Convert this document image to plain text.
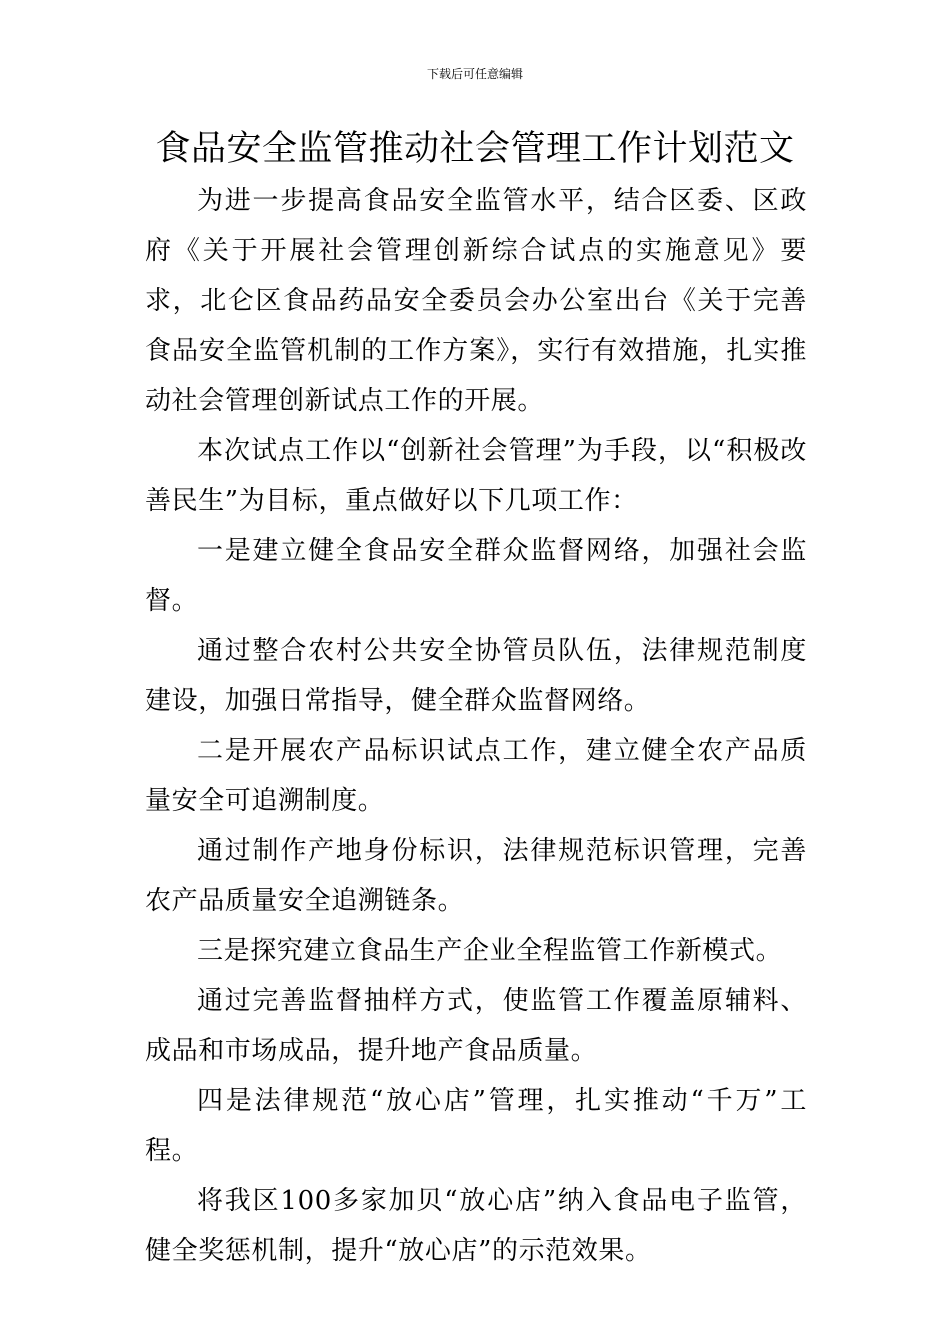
下载后可任意编辑
食品安全监管推动社会管理工作计划范文

为进一步提高食品安全监管水平，结合区委、区政府《关于开展社会管理创新综合试点的实施意见》要求，北仑区食品药品安全委员会办公室出台《关于完善食品安全监管机制的工作方案》，实行有效措施，扎实推动社会管理创新试点工作的开展。

本次试点工作以“创新社会管理”为手段，以“积极改善民生”为目标，重点做好以下几项工作：

一是建立健全食品安全群众监督网络，加强社会监督。

通过整合农村公共安全协管员队伍，法律规范制度建设，加强日常指导，健全群众监督网络。

二是开展农产品标识试点工作，建立健全农产品质量安全可追溯制度。

通过制作产地身份标识，法律规范标识管理，完善农产品质量安全追溯链条。

三是探究建立食品生产企业全程监管工作新模式。

通过完善监督抽样方式，使监管工作覆盖原辅料、成品和市场成品，提升地产食品质量。

四是法律规范“放心店”管理，扎实推动“千万”工程。

将我区100多家加贝“放心店”纳入食品电子监管，健全奖惩机制，提升“放心店”的示范效果。
